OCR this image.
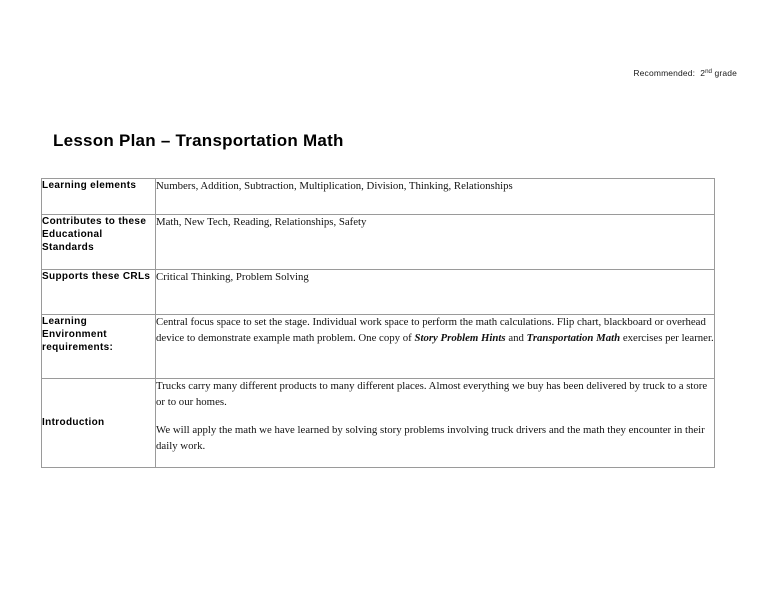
Recommended: 2nd grade
Lesson Plan – Transportation Math
Learning elements	Numbers, Addition, Subtraction, Multiplication, Division, Thinking, Relationships

Contributes to these Educational Standards	Math, New Tech, Reading, Relationships, Safety

Supports these CRLs	Critical Thinking, Problem Solving

Learning Environment requirements:	Central focus space to set the stage. Individual work space to perform the math calculations. Flip chart, blackboard or overhead device to demonstrate example math problem. One copy of Story Problem Hints and Transportation Math exercises per learner.

Introduction	Trucks carry many different products to many different places. Almost everything we buy has been delivered by truck to a store or to our homes.

We will apply the math we have learned by solving story problems involving truck drivers and the math they encounter in their daily work.
